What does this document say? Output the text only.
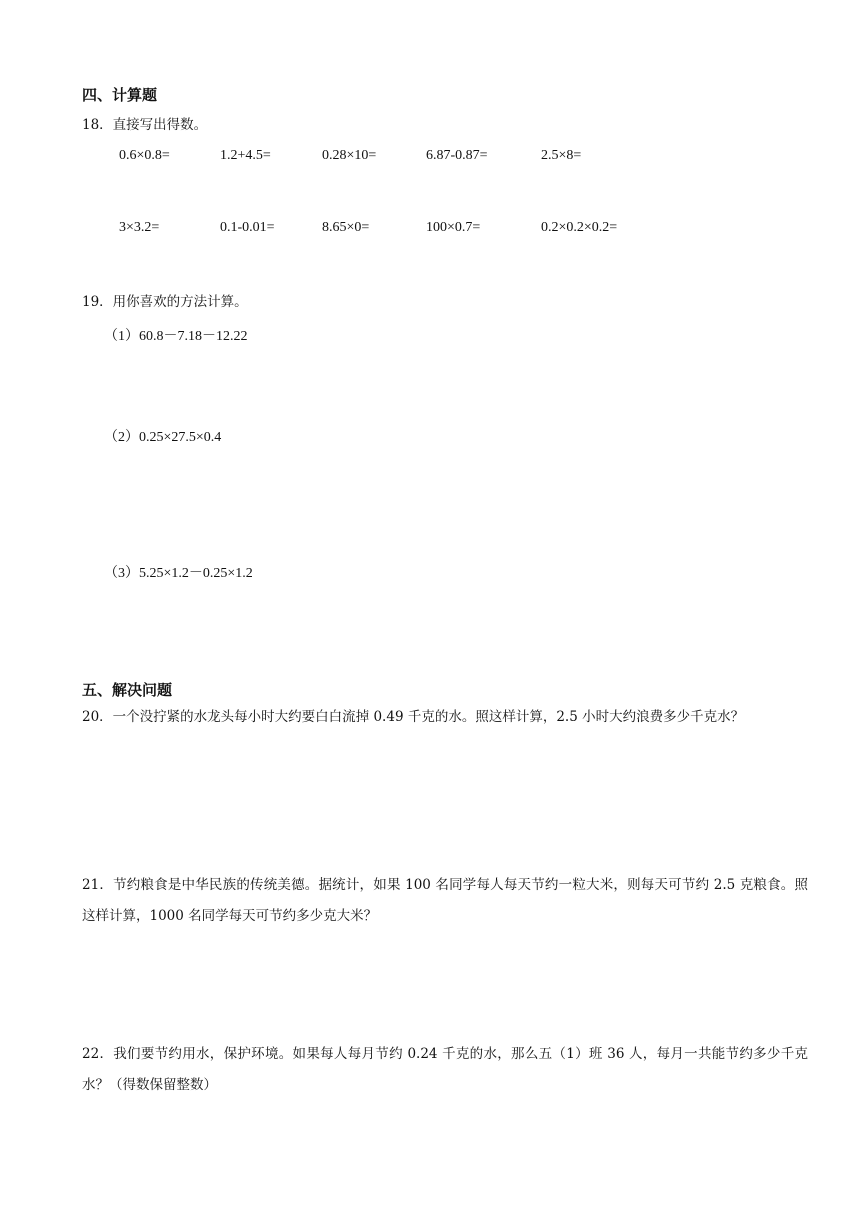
四、计算题
18．直接写出得数。
0.6×0.8=	1.2+4.5=	0.28×10=	6.87-0.87=	2.5×8=
3×3.2=	0.1-0.01=	8.65×0=	100×0.7=	0.2×0.2×0.2=
19．用你喜欢的方法计算。
（1）60.8－7.18－12.22
（2）0.25×27.5×0.4
（3）5.25×1.2－0.25×1.2
五、解决问题
20．一个没拧紧的水龙头每小时大约要白白流掉 0.49 千克的水。照这样计算，2.5 小时大约浪费多少千克水？
21．节约粮食是中华民族的传统美德。据统计，如果 100 名同学每人每天节约一粒大米，则每天可节约 2.5 克粮食。照这样计算，1000 名同学每天可节约多少克大米？
22．我们要节约用水，保护环境。如果每人每月节约 0.24 千克的水，那么五（1）班 36 人，每月一共能节约多少千克水？（得数保留整数）
